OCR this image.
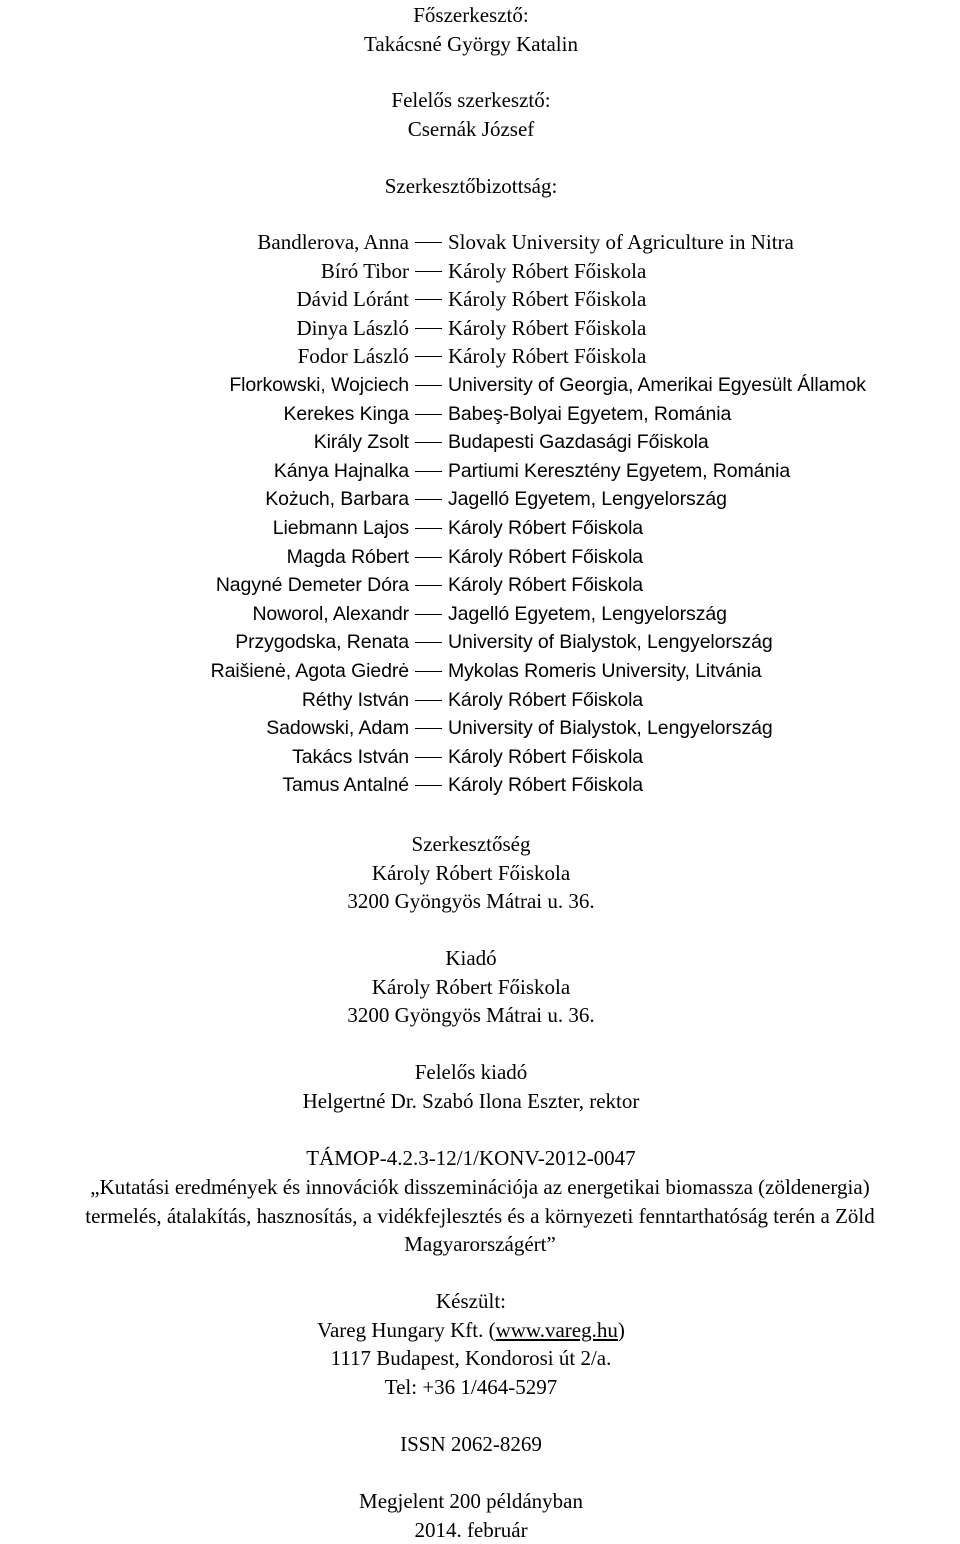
Főszerkesztő:
Takácsné György Katalin
Felelős szerkesztő:
Csernák József
Szerkesztőbizottság:
Bandlerova, Anna Slovak University of Agriculture in Nitra
Bíró Tibor Károly Róbert Főiskola
Dávid Lóránt Károly Róbert Főiskola
Dinya László Károly Róbert Főiskola
Fodor László Károly Róbert Főiskola
Florkowski, Wojciech University of Georgia, Amerikai Egyesült Államok
Kerekes Kinga Babeş-Bolyai Egyetem, Románia
Király Zsolt Budapesti Gazdasági Főiskola
Kánya Hajnalka Partiumi Keresztény Egyetem, Románia
Kożuch, Barbara Jagelló Egyetem, Lengyelország
Liebmann Lajos Károly Róbert Főiskola
Magda Róbert Károly Róbert Főiskola
Nagyné Demeter Dóra Károly Róbert Főiskola
Noworol, Alexandr Jagelló Egyetem, Lengyelország
Przygodska, Renata University of Bialystok, Lengyelország
Raišienė, Agota Giedrė Mykolas Romeris University, Litvánia
Réthy István Károly Róbert Főiskola
Sadowski, Adam University of Bialystok, Lengyelország
Takács István Károly Róbert Főiskola
Tamus Antalné Károly Róbert Főiskola
Szerkesztőség
Károly Róbert Főiskola
3200 Gyöngyös Mátrai u. 36.
Kiadó
Károly Róbert Főiskola
3200 Gyöngyös Mátrai u. 36.
Felelős kiadó
Helgertné Dr. Szabó Ilona Eszter, rektor
TÁMOP-4.2.3-12/1/KONV-2012-0047
„Kutatási eredmények és innovációk disszeminációja az energetikai biomassza (zöldenergia)
termelés, átalakítás, hasznosítás, a vidékfejlesztés és a környezeti fenntarthatóság terén a Zöld
Magyarországért”
Készült:
Vareg Hungary Kft. (www.vareg.hu)
1117 Budapest, Kondorosi út 2/a.
Tel: +36 1/464-5297
ISSN 2062-8269
Megjelent 200 példányban
2014. február
